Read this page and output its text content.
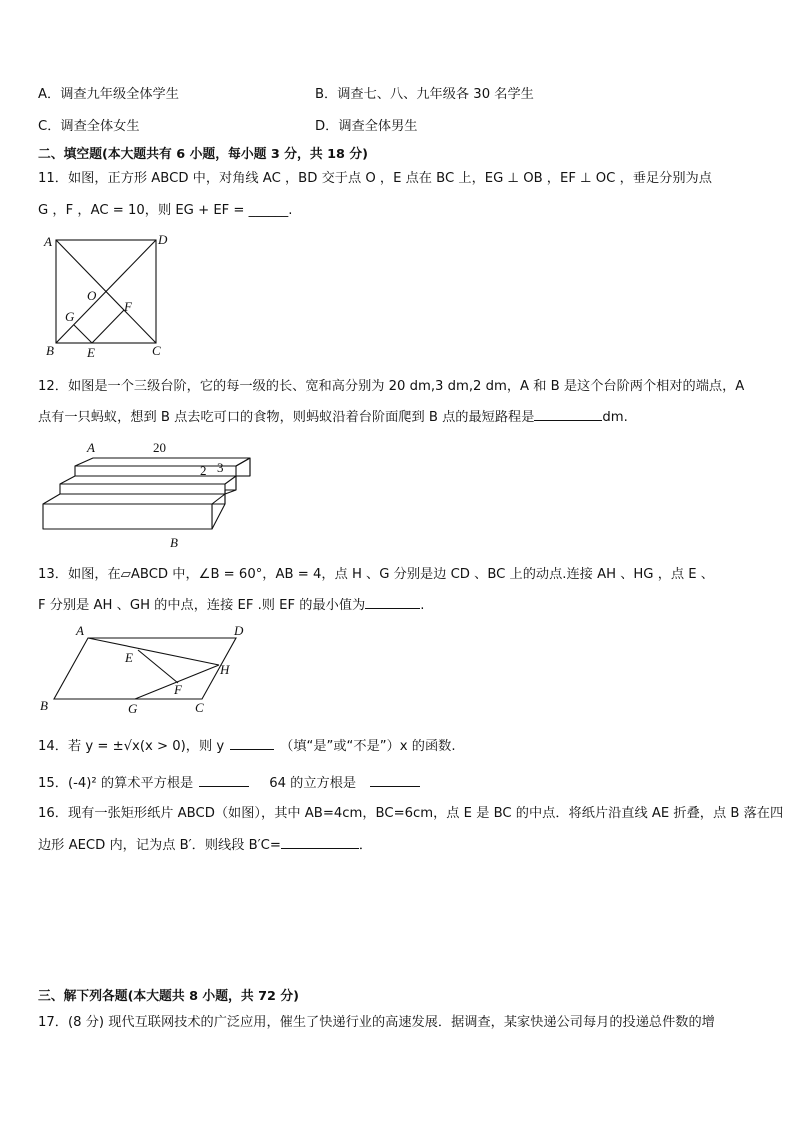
A．调查九年级全体学生	B．调查七、八、九年级各 30 名学生
C．调查全体女生	D．调查全体男生
二、填空题(本大题共有 6 小题，每小题 3 分，共 18 分)
11．如图，正方形 ABCD 中，对角线 AC ，BD 交于点 O ，E 点在 BC 上，EG ⊥ OB ，EF ⊥ OC ，垂足分别为点
G ，F ，AC = 10，则 EG + EF = ______.
A	D
O
F
G
B	E	C
12．如图是一个三级台阶，它的每一级的长、宽和高分别为 20 dm,3 dm,2 dm，A 和 B 是这个台阶两个相对的端点，A
点有一只蚂蚁，想到 B 点去吃可口的食物，则蚂蚁沿着台阶面爬到 B 点的最短路程是	dm.
A	20
2 3
B
13．如图，在▱ABCD 中，∠B = 60°，AB = 4，点 H 、G 分别是边 CD 、BC 上的动点.连接 AH 、HG ，点 E 、
F 分别是 AH 、GH 的中点，连接 EF .则 EF 的最小值为	.
A	D
E
H
F
B	G	C
14．若 y = ±√x(x > 0)，则 y	（填“是”或“不是”）x 的函数.
15．(-4)² 的算术平方根是	64 的立方根是
16．现有一张矩形纸片 ABCD（如图），其中 AB=4cm，BC=6cm，点 E 是 BC 的中点．将纸片沿直线 AE 折叠，点 B 落在四
边形 AECD 内，记为点 B′．则线段 B′C=	．
三、解下列各题(本大题共 8 小题，共 72 分)
17．(8 分) 现代互联网技术的广泛应用，催生了快递行业的高速发展．据调查，某家快递公司每月的投递总件数的增
